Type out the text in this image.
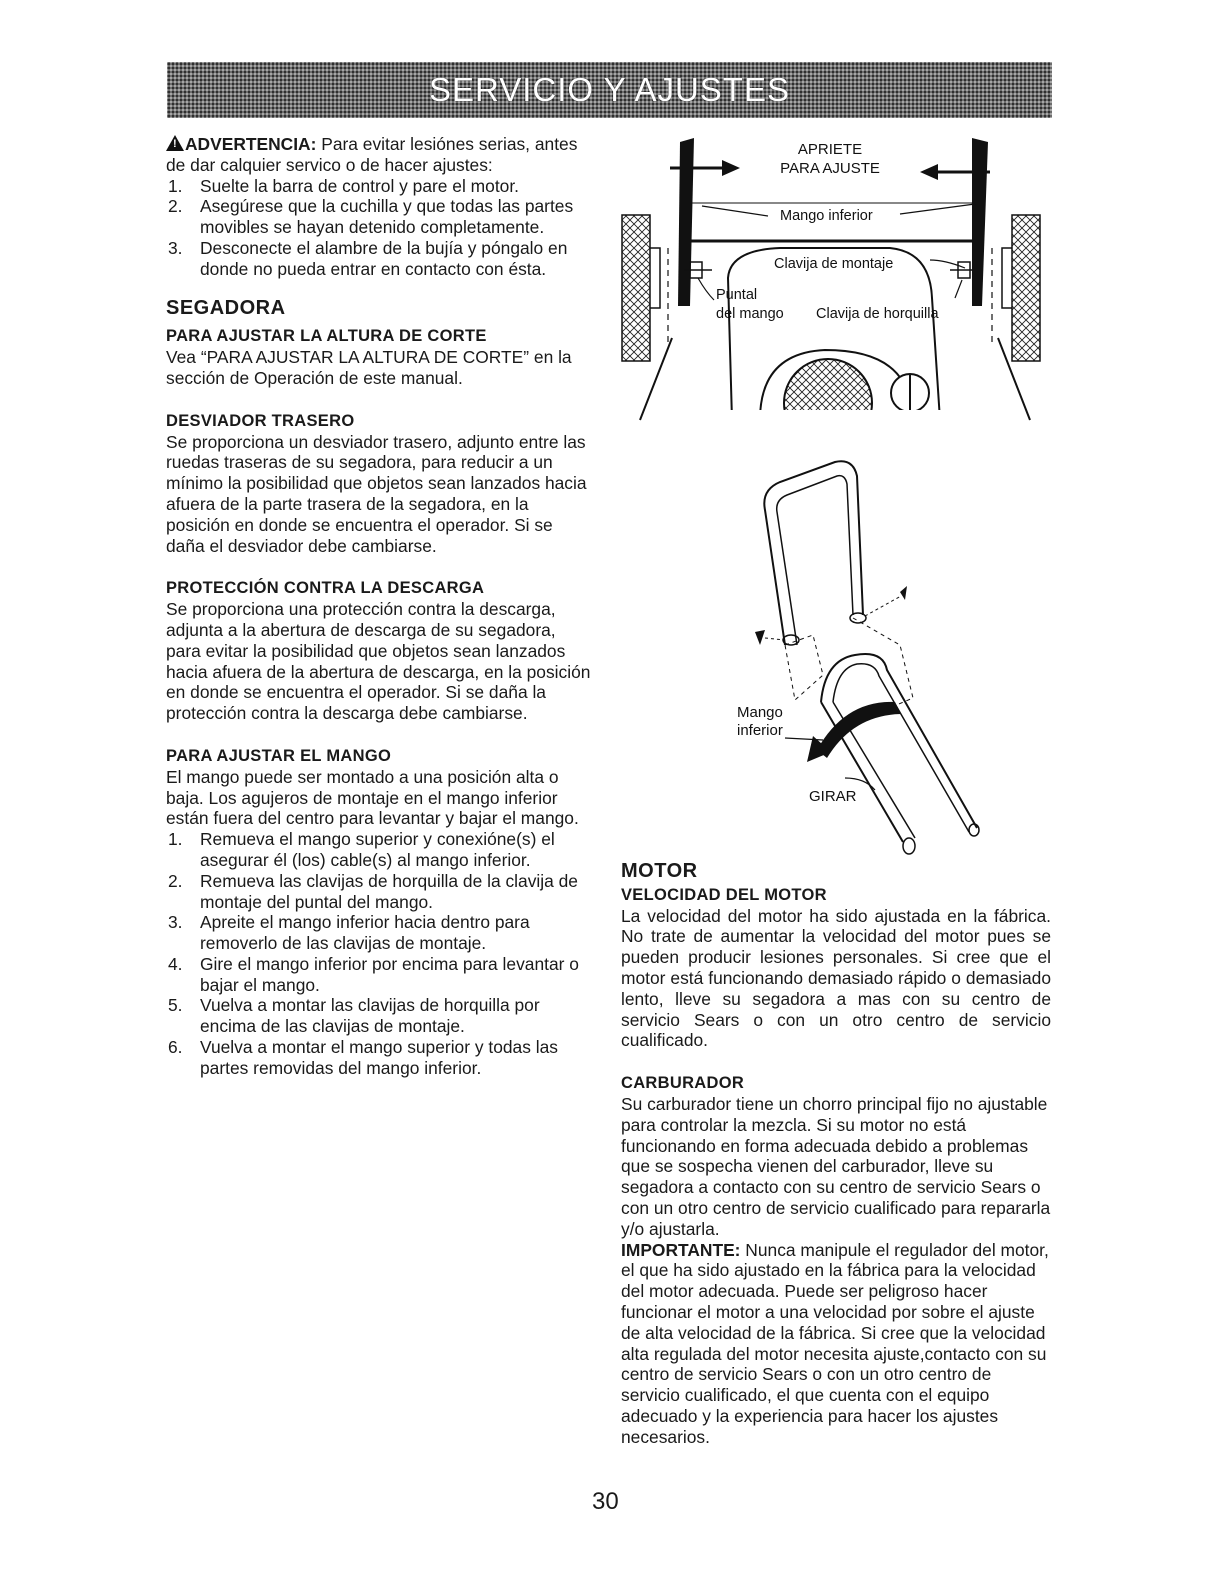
SERVICIO Y AJUSTES

!ADVERTENCIA: Para evitar lesiónes serias, antes de dar calquier servico o de hacer ajustes:

1. Suelte la barra de control y pare el motor.
2. Asegúrese que la cuchilla y que todas las partes movibles se hayan detenido completamente.
3. Desconecte el alambre de la bujía y póngalo en donde no pueda entrar en contacto con ésta.

SEGADORA

PARA AJUSTAR LA ALTURA DE CORTE

Vea “PARA AJUSTAR LA ALTURA DE CORTE” en la sección de Operación de este manual.

DESVIADOR TRASERO

Se proporciona un desviador trasero, adjunto entre las ruedas traseras de su segadora, para reducir a un mínimo la posibilidad que objetos sean lanzados hacia afuera de la parte trasera de la segadora, en la posición en donde se encuentra el operador. Si se daña el desviador debe cambiarse.

PROTECCIÓN CONTRA LA DESCARGA

Se proporciona una protección contra la descarga, adjunta a la abertura de descarga de su segadora, para evitar la posibilidad que objetos sean lanzados hacia afuera de la abertura de descarga, en la posición en donde se encuentra el operador. Si se daña la protección contra la descarga debe cambiarse.

PARA AJUSTAR EL MANGO

El mango puede ser montado a una posición alta o baja. Los agujeros de montaje en el mango inferior están fuera del centro para levantar y bajar el mango.

1. Remueva el mango superior y conexióne(s) el asegurar él (los) cable(s) al mango inferior.
2. Remueva las clavijas de horquilla de la clavija de montaje del puntal del mango.
3. Apreite el mango inferior hacia dentro para removerlo de las clavijas de montaje.
4. Gire el mango inferior por encima para levantar o bajar el mango.
5. Vuelva a montar las clavijas de horquilla por encima de las clavijas de montaje.
6. Vuelva a montar el mango superior y todas las partes removidas del mango inferior.
APRIETE
PARA AJUSTE
Mango inferior
Clavija de montaje
Puntal
del mango Clavija de horquilla
Mango
inferior
GIRAR

MOTOR

VELOCIDAD DEL MOTOR

La velocidad del motor ha sido ajustada en la fábrica. No trate de aumentar la velocidad del motor pues se pueden producir lesiones personales. Si cree que el motor está funcionando demasiado rápido o demasiado lento, lleve su segadora a mas con su centro de servicio Sears o con un otro centro de servicio cualificado.

CARBURADOR

Su carburador tiene un chorro principal fijo no ajustable para controlar la mezcla. Si su motor no está funcionando en forma adecuada debido a problemas que se sospecha vienen del carburador, lleve su segadora a contacto con su centro de servicio Sears o con un otro centro de servicio cualificado para repararla y/o ajustarla.

IMPORTANTE: Nunca manipule el regulador del motor, el que ha sido ajustado en la fábrica para la velocidad del motor adecuada. Puede ser peligroso hacer funcionar el motor a una velocidad por sobre el ajuste de alta velocidad de la fábrica. Si cree que la velocidad alta regulada del motor necesita ajuste,contacto con su centro de servicio Sears o con un otro centro de servicio cualificado, el que cuenta con el equipo adecuado y la experiencia para hacer los ajustes necesarios.

30
